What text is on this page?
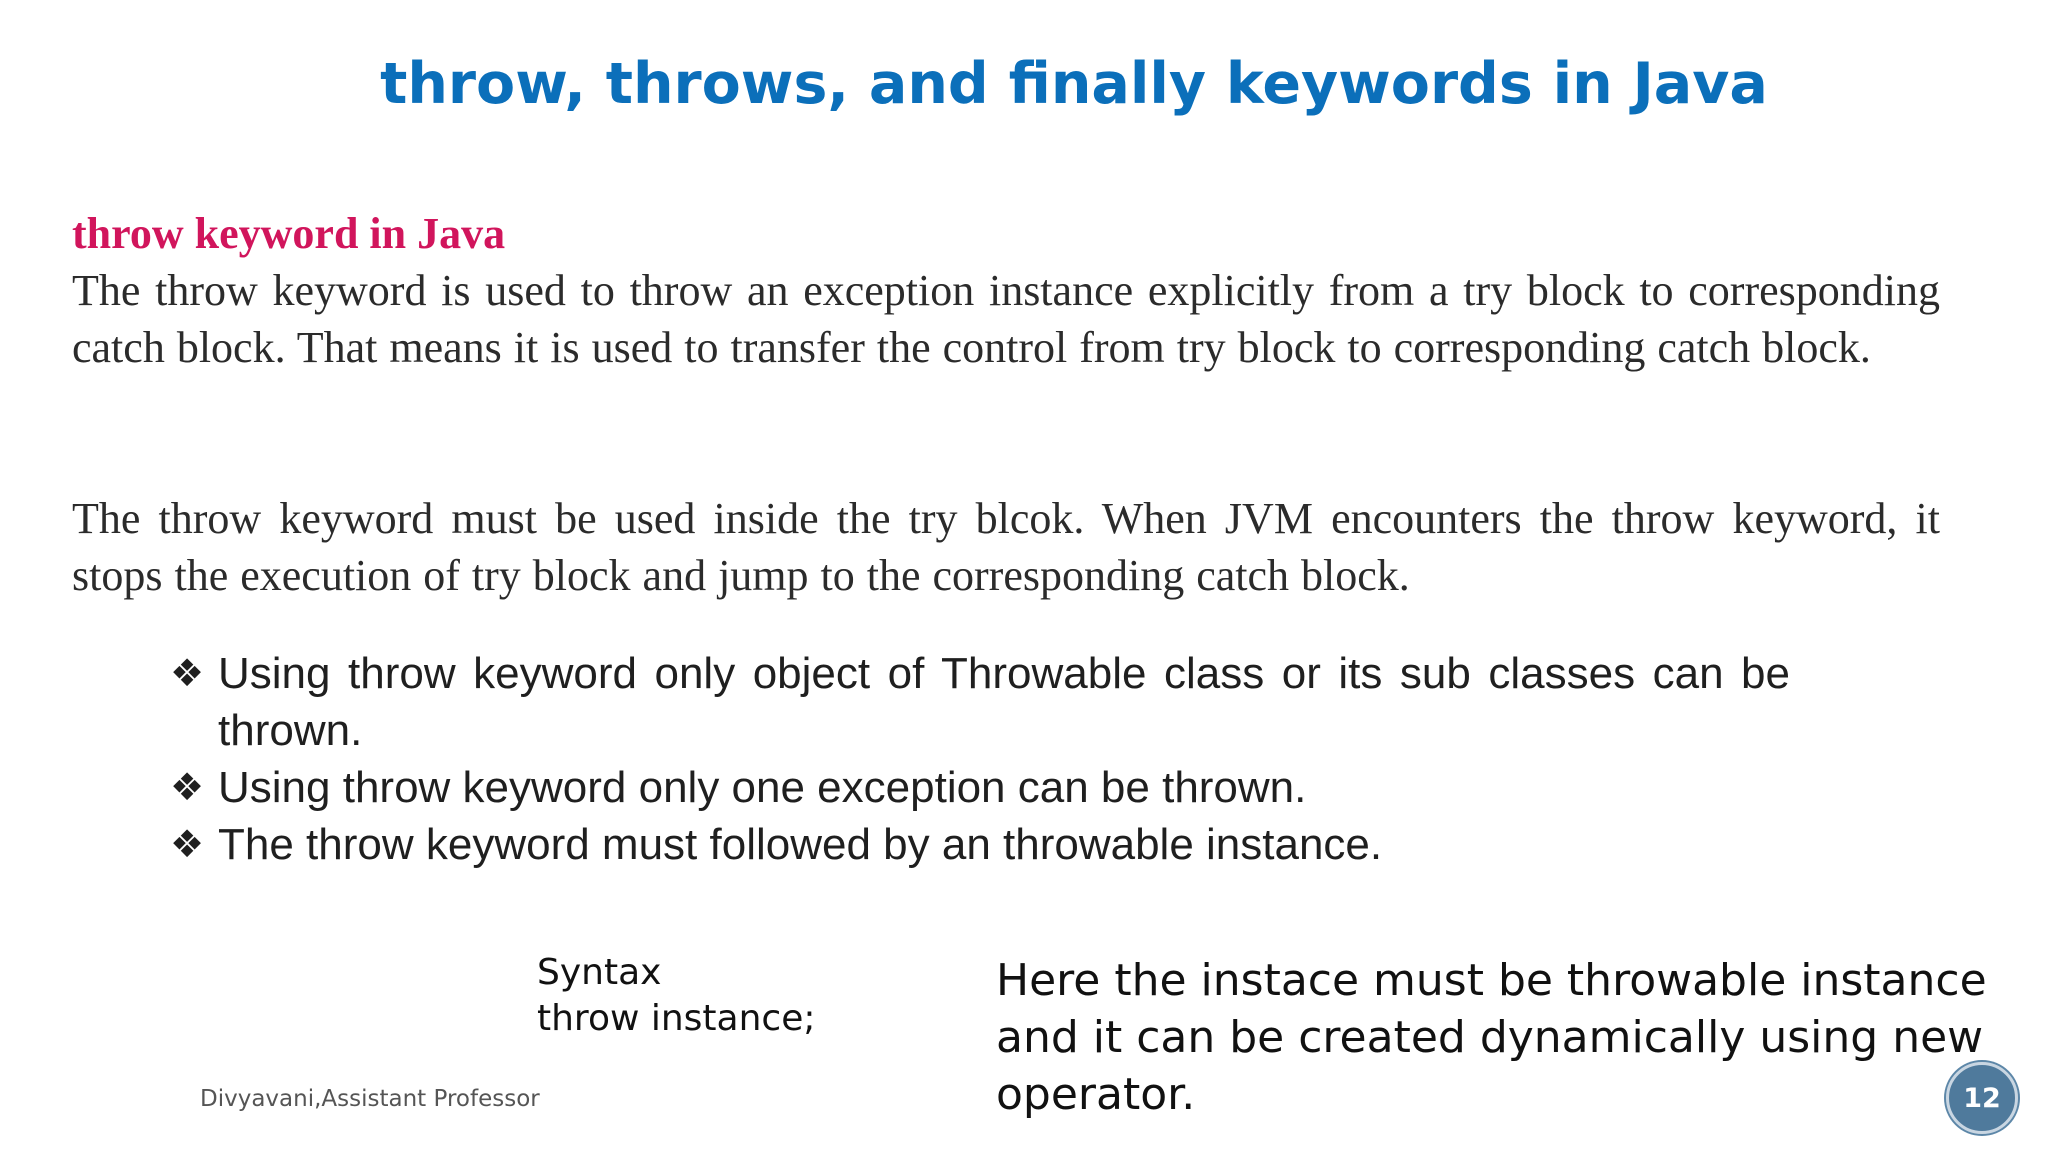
throw, throws, and finally keywords in Java
throw keyword in Java
The throw keyword is used to throw an exception instance explicitly from a try block to corresponding catch block. That means it is used to transfer the control from try block to corresponding catch block.
The throw keyword must be used inside the try blcok. When JVM encounters the throw keyword, it stops the execution of try block and jump to the corresponding catch block.
❖ Using throw keyword only object of Throwable class or its sub classes can be thrown.
❖ Using throw keyword only one exception can be thrown.
❖ The throw keyword must followed by an throwable instance.
Syntax
throw instance;
Here the instace must be throwable instance and it can be created dynamically using new operator.
Divyavani,Assistant Professor	12
